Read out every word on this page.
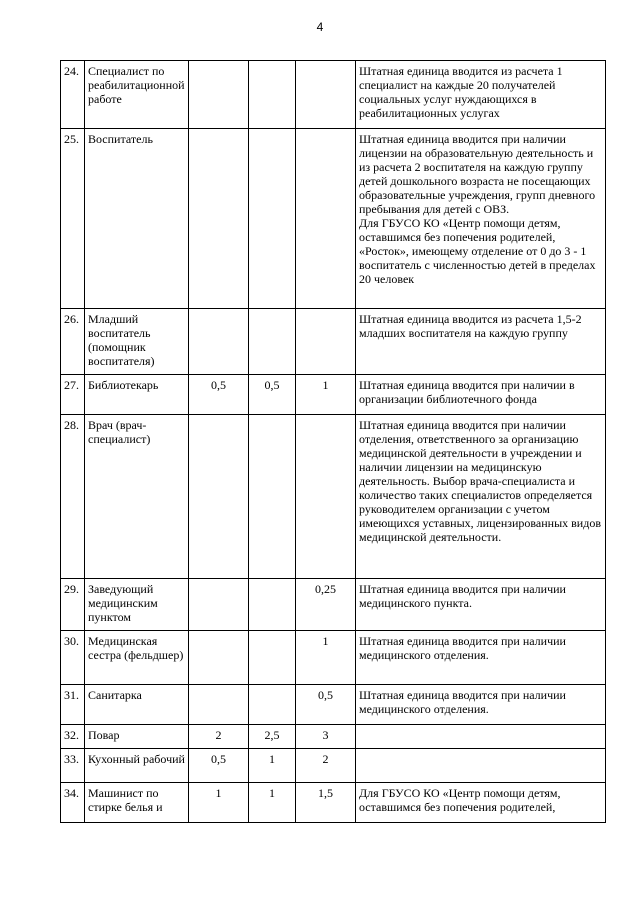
4
24.	Специалист по реабилитационной работе				Штатная единица вводится из расчета 1 специалист на каждые 20 получателей социальных услуг нуждающихся в реабилитационных услугах
25.	Воспитатель				Штатная единица вводится при наличии лицензии на образовательную деятельность и из расчета 2 воспитателя на каждую группу детей дошкольного возраста не посещающих образовательные учреждения, групп дневного пребывания для детей с ОВЗ.
Для ГБУСО КО «Центр помощи детям, оставшимся без попечения родителей, «Росток», имеющему отделение от 0 до 3 - 1 воспитатель с численностью детей в пределах 20 человек
26.	Младший воспитатель (помощник воспитателя)				Штатная единица вводится из расчета 1,5-2 младших воспитателя на каждую группу
27.	Библиотекарь	0,5	0,5	1	Штатная единица вводится при наличии в организации библиотечного фонда
28.	Врач (врач-специалист)				Штатная единица вводится при наличии отделения, ответственного за организацию медицинской деятельности в учреждении и наличии лицензии на медицинскую деятельность. Выбор врача-специалиста и количество таких специалистов определяется руководителем организации с учетом имеющихся уставных, лицензированных видов медицинской деятельности.
29.	Заведующий медицинским пунктом			0,25	Штатная единица вводится при наличии медицинского пункта.
30.	Медицинская сестра (фельдшер)			1	Штатная единица вводится при наличии медицинского отделения.
31.	Санитарка			0,5	Штатная единица вводится при наличии медицинского отделения.
32.	Повар	2	2,5	3	
33.	Кухонный рабочий	0,5	1	2	
34.	Машинист по стирке белья и	1	1	1,5	Для ГБУСО КО «Центр помощи детям, оставшимся без попечения родителей,
